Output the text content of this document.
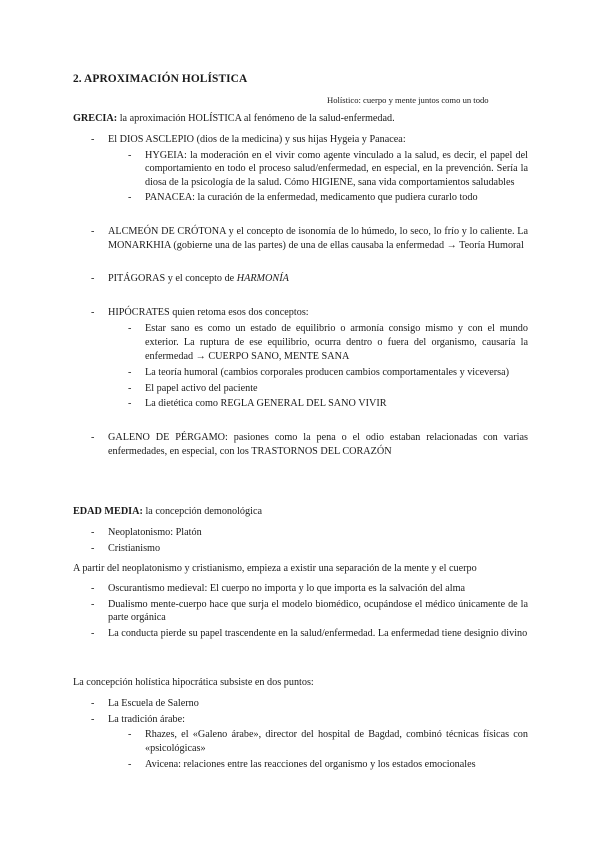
2. APROXIMACIÓN HOLÍSTICA
Holístico: cuerpo y mente juntos como un todo
GRECIA: la aproximación HOLÍSTICA al fenómeno de la salud-enfermedad.
- El DIOS ASCLEPIO (dios de la medicina) y sus hijas Hygeia y Panacea:
- HYGEIA: la moderación en el vivir como agente vinculado a la salud, es decir, el papel del comportamiento en todo el proceso salud/enfermedad, en especial, en la prevención. Sería la diosa de la psicología de la salud. Cómo HIGIENE, sana vida comportamientos saludables
- PANACEA: la curación de la enfermedad, medicamento que pudiera curarlo todo
- ALCMEÓN DE CRÓTONA y el concepto de isonomía de lo húmedo, lo seco, lo frío y lo caliente. La MONARKHIA (gobierne una de las partes) de una de ellas causaba la enfermedad → Teoría Humoral
- PITÁGORAS y el concepto de HARMONÍA
- HIPÓCRATES quien retoma esos dos conceptos:
- Estar sano es como un estado de equilibrio o armonía consigo mismo y con el mundo exterior. La ruptura de ese equilibrio, ocurra dentro o fuera del organismo, causaría la enfermedad → CUERPO SANO, MENTE SANA
- La teoría humoral (cambios corporales producen cambios comportamentales y viceversa)
- El papel activo del paciente
- La dietética como REGLA GENERAL DEL SANO VIVIR
- GALENO DE PÉRGAMO: pasiones como la pena o el odio estaban relacionadas con varias enfermedades, en especial, con los TRASTORNOS DEL CORAZÓN
EDAD MEDIA: la concepción demonológica
- Neoplatonismo: Platón
- Cristianismo
A partir del neoplatonismo y cristianismo, empieza a existir una separación de la mente y el cuerpo
- Oscurantismo medieval: El cuerpo no importa y lo que importa es la salvación del alma
- Dualismo mente-cuerpo hace que surja el modelo biomédico, ocupándose el médico únicamente de la parte orgánica
- La conducta pierde su papel trascendente en la salud/enfermedad. La enfermedad tiene designio divino
La concepción holística hipocrática subsiste en dos puntos:
- La Escuela de Salerno
- La tradición árabe:
- Rhazes, el «Galeno árabe», director del hospital de Bagdad, combinó técnicas físicas con «psicológicas»
- Avicena: relaciones entre las reacciones del organismo y los estados emocionales
